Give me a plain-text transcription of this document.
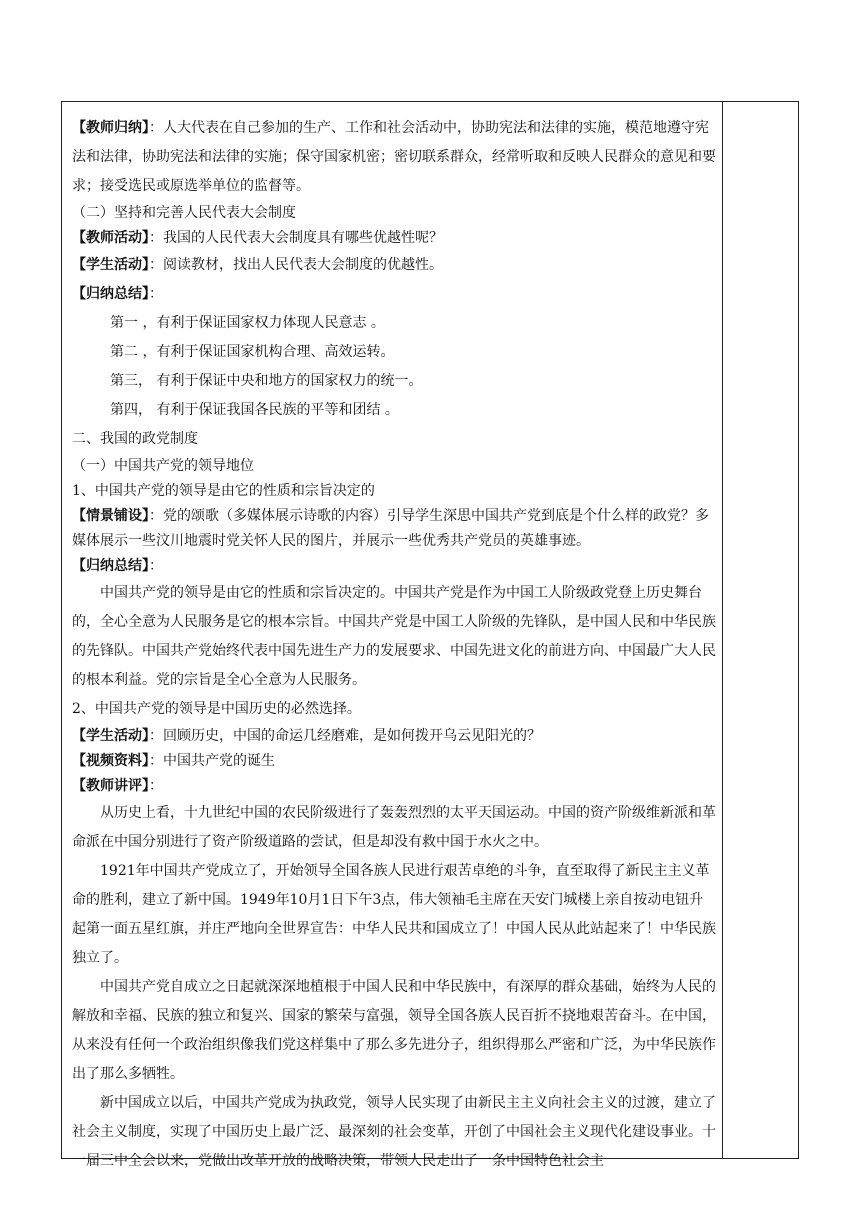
【教师归纳】：人大代表在自己参加的生产、工作和社会活动中，协助宪法和法律的实施，模范地遵守宪法和法律，协助宪法和法律的实施；保守国家机密；密切联系群众，经常听取和反映人民群众的意见和要求；接受选民或原选举单位的监督等。

（二）坚持和完善人民代表大会制度

【教师活动】：我国的人民代表大会制度具有哪些优越性呢？

【学生活动】：阅读教材，找出人民代表大会制度的优越性。

【归纳总结】：

第一 ，有利于保证国家权力体现人民意志 。

第二 ，有利于保证国家机构合理、高效运转。

第三， 有利于保证中央和地方的国家权力的统一。

第四， 有利于保证我国各民族的平等和团结 。

二、我国的政党制度

（一）中国共产党的领导地位

1、中国共产党的领导是由它的性质和宗旨决定的

【情景铺设】：党的颂歌（多媒体展示诗歌的内容）引导学生深思中国共产党到底是个什么样的政党？多媒体展示一些汶川地震时党关怀人民的图片，并展示一些优秀共产党员的英雄事迹。

【归纳总结】：

中国共产党的领导是由它的性质和宗旨决定的。中国共产党是作为中国工人阶级政党登上历史舞台的，全心全意为人民服务是它的根本宗旨。中国共产党是中国工人阶级的先锋队，是中国人民和中华民族的先锋队。中国共产党始终代表中国先进生产力的发展要求、中国先进文化的前进方向、中国最广大人民的根本利益。党的宗旨是全心全意为人民服务。

2、中国共产党的领导是中国历史的必然选择。

【学生活动】：回顾历史，中国的命运几经磨难，是如何拨开乌云见阳光的？

【视频资料】：中国共产党的诞生

【教师讲评】：

从历史上看，十九世纪中国的农民阶级进行了轰轰烈烈的太平天国运动。中国的资产阶级维新派和革命派在中国分别进行了资产阶级道路的尝试，但是却没有救中国于水火之中。

1921年中国共产党成立了，开始领导全国各族人民进行艰苦卓绝的斗争，直至取得了新民主主义革命的胜利，建立了新中国。1949年10月1日下午3点，伟大领袖毛主席在天安门城楼上亲自按动电钮升起第一面五星红旗，并庄严地向全世界宣告：中华人民共和国成立了！中国人民从此站起来了！中华民族独立了。

中国共产党自成立之日起就深深地植根于中国人民和中华民族中，有深厚的群众基础，始终为人民的解放和幸福、民族的独立和复兴、国家的繁荣与富强，领导全国各族人民百折不挠地艰苦奋斗。在中国，从来没有任何一个政治组织像我们党这样集中了那么多先进分子，组织得那么严密和广泛，为中华民族作出了那么多牺牲。

新中国成立以后，中国共产党成为执政党，领导人民实现了由新民主主义向社会主义的过渡，建立了社会主义制度，实现了中国历史上最广泛、最深刻的社会变革，开创了中国社会主义现代化建设事业。十一届三中全会以来，党做出改革开放的战略决策，带领人民走出了一条中国特色社会主
